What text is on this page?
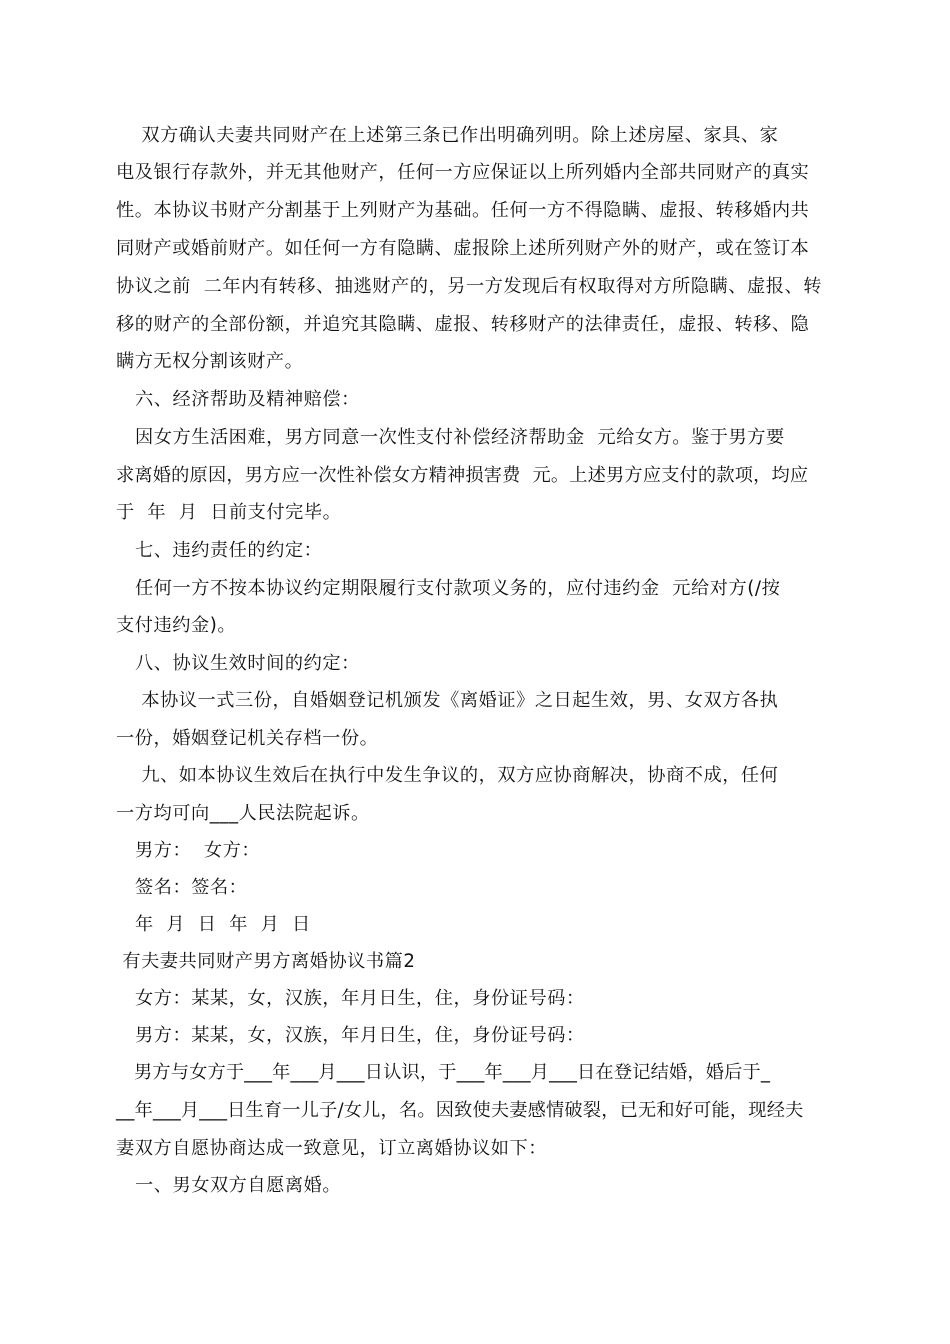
双方确认夫妻共同财产在上述第三条已作出明确列明。除上述房屋、家具、家
电及银行存款外，并无其他财产，任何一方应保证以上所列婚内全部共同财产的真实
性。本协议书财产分割基于上列财产为基础。任何一方不得隐瞒、虚报、转移婚内共
同财产或婚前财产。如任何一方有隐瞒、虚报除上述所列财产外的财产，或在签订本
协议之前  二年内有转移、抽逃财产的，另一方发现后有权取得对方所隐瞒、虚报、转
移的财产的全部份额，并追究其隐瞒、虚报、转移财产的法律责任，虚报、转移、隐
瞒方无权分割该财产。
六、经济帮助及精神赔偿：
因女方生活困难，男方同意一次性支付补偿经济帮助金  元给女方。鉴于男方要
求离婚的原因，男方应一次性补偿女方精神损害费  元。上述男方应支付的款项，均应
于  年  月  日前支付完毕。
七、违约责任的约定：
任何一方不按本协议约定期限履行支付款项义务的，应付违约金  元给对方(/按
支付违约金)。
八、协议生效时间的约定：
本协议一式三份，自婚姻登记机颁发《离婚证》之日起生效，男、女双方各执
一份，婚姻登记机关存档一份。
九、如本协议生效后在执行中发生争议的，双方应协商解决，协商不成，任何
一方均可向___人民法院起诉。
男方：  女方：
签名：签名：
年  月  日  年  月  日
有夫妻共同财产男方离婚协议书篇2
女方：某某，女，汉族，年月日生，住，身份证号码：
男方：某某，女，汉族，年月日生，住，身份证号码：
男方与女方于___年___月___日认识，于___年___月___日在登记结婚，婚后于_
__年___月___日生育一儿子/女儿，名。因致使夫妻感情破裂，已无和好可能，现经夫
妻双方自愿协商达成一致意见，订立离婚协议如下：
一、男女双方自愿离婚。
